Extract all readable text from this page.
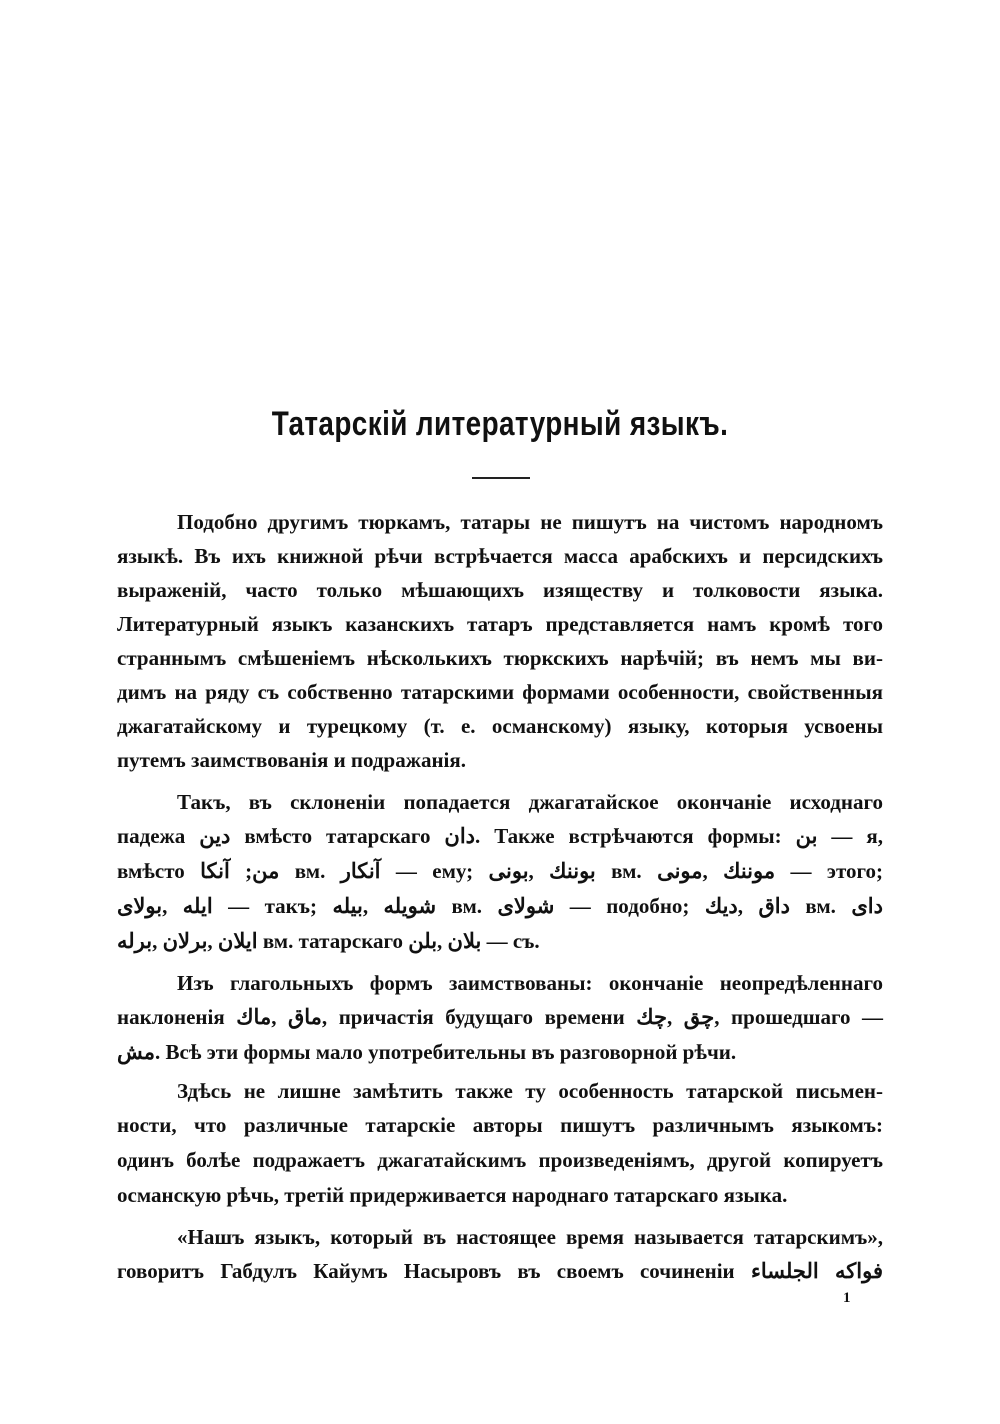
Татарскій литературный языкъ.
Подобно другимъ тюркамъ, татары не пишутъ на чистомъ народномъ
языкѣ. Въ ихъ книжной рѣчи встрѣчается масса арабскихъ и персидскихъ
выраженій, часто только мѣшающихъ изяществу и толковости языка.
Литературный языкъ казанскихъ татаръ представляется намъ кромѣ того
страннымъ смѣшеніемъ нѣсколькихъ тюркскихъ нарѣчій; въ немъ мы ви-
димъ на ряду съ собственно татарскими формами особенности, свойственныя
джагатайскому и турецкому (т. е. османскому) языку, которыя усвоены
путемъ заимствованія и подражанія.
Такъ, въ склоненіи попадается джагатайское окончаніе исходнаго
падежа دين вмѣсто татарскаго دان. Также встрѣчаются формы: بن — я,
вмѣсто من; آنكا вм. آنكار — ему; بوننك ,بونى вм. موننك ,مونى — этого;
ايله ,بولاى — такъ; شويله ,بيله вм. شولاى — подобно; داق ,ديك вм. داى
ايلان ,برلان ,برله вм. татарскаго بلان ,بلن — съ.
Изъ глагольныхъ формъ заимствованы: окончаніе неопредѣленнаго
наклоненія ماق ,ماك, причастія будущаго времени چق ,چك, прошедшаго —
مش. Всѣ эти формы мало употребительны въ разговорной рѣчи.
Здѣсь не лишне замѣтить также ту особенность татарской письмен-
ности, что различные татарскіе авторы пишутъ различнымъ языкомъ:
одинъ болѣе подражаетъ джагатайскимъ произведеніямъ, другой копируетъ
османскую рѣчь, третій придерживается народнаго татарскаго языка.
«Нашъ языкъ, который въ настоящее время называется татарскимъ»,
говоритъ Габдулъ Кайумъ Насыровъ въ своемъ сочиненіи فواكه الجلساء
1
